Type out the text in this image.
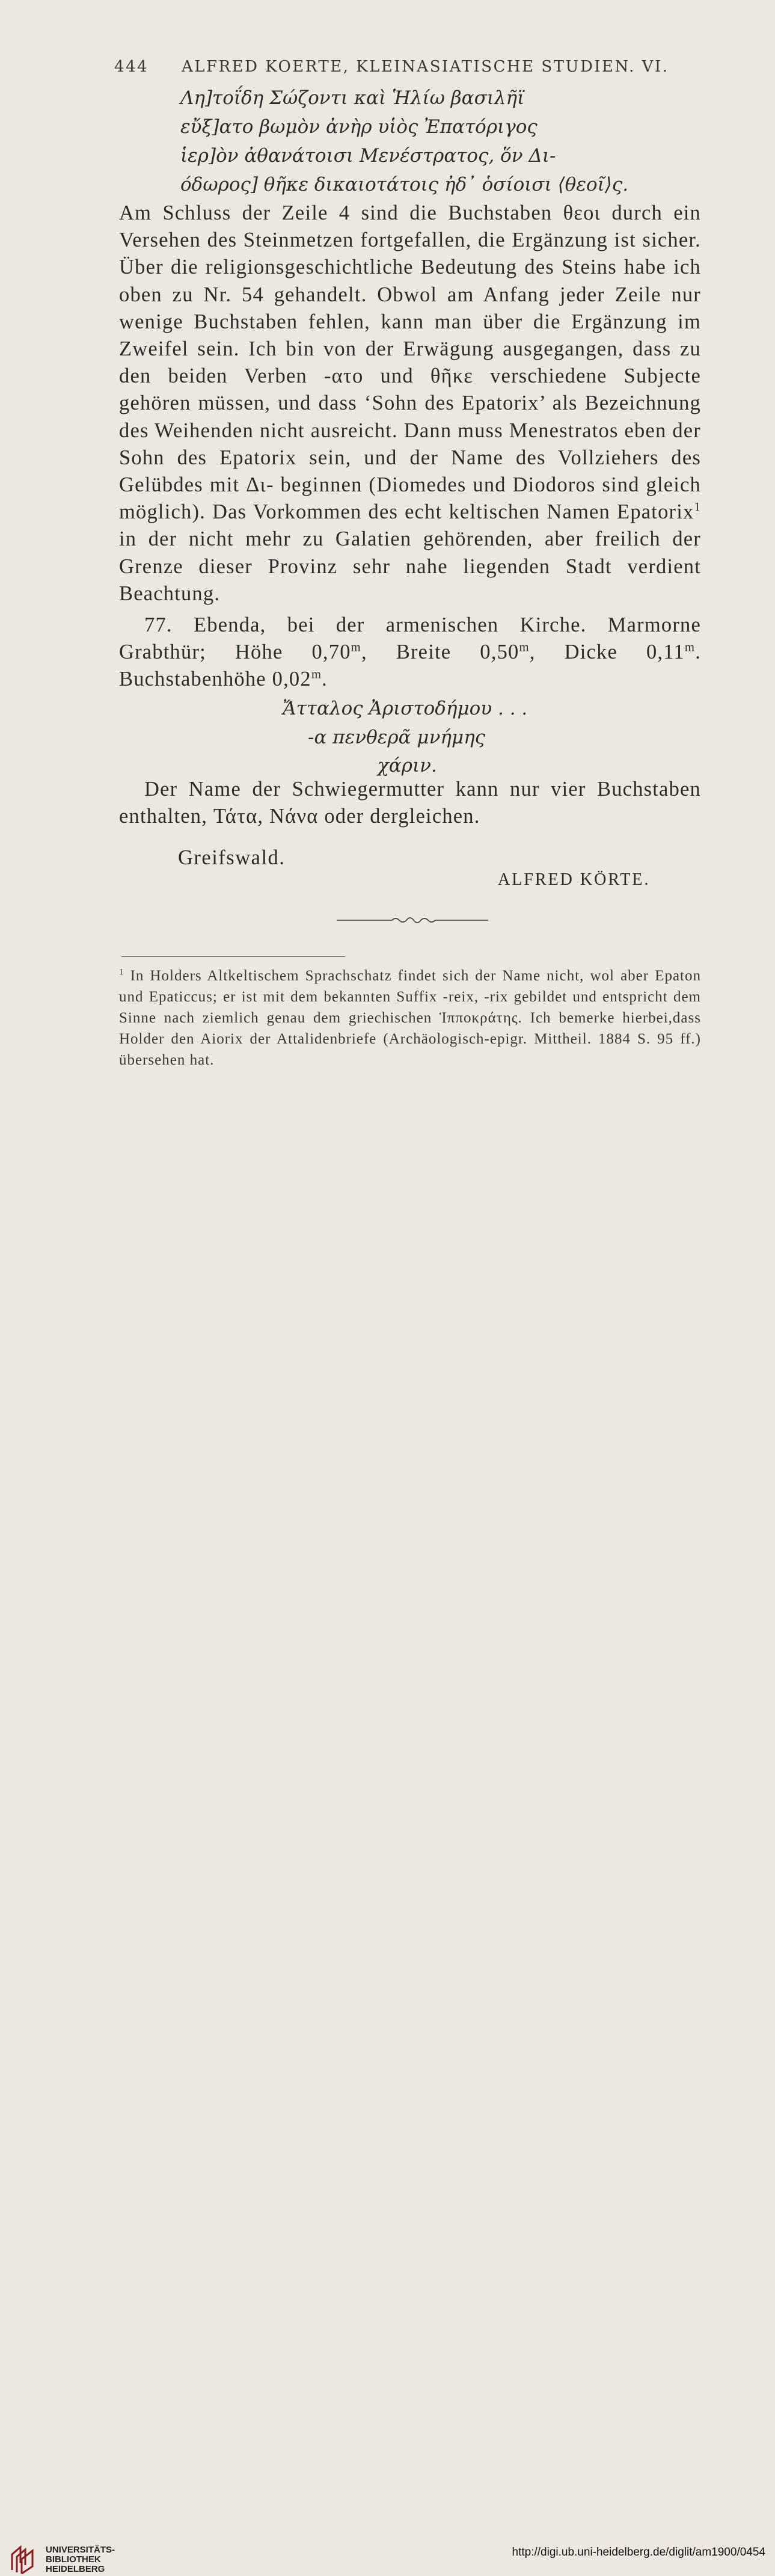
444 ALFRED KOERTE, KLEINASIATISCHE STUDIEN. VI.
Λη]τοΐδη Σώζοντι καὶ Ἡλίω βασιλῆϊ
εὔξ]ατο βωμὸν ἀνὴρ υἱὸς Ἐπατόριγος
ἱερ]ὸν ἀθανάτοισι Μενέστρατος, ὅν Δι-
όδωρος] θῆκε δικαιοτάτοις ἠδ᾽ ὁσίοισι ⟨θεοῖ⟩ς.

Am Schluss der Zeile 4 sind die Buchstaben θεοι durch ein Versehen des Steinmetzen fortgefallen, die Ergänzung ist sicher. Über die religionsgeschichtliche Bedeutung des Steins habe ich oben zu Nr. 54 gehandelt. Obwol am Anfang jeder Zeile nur wenige Buchstaben fehlen, kann man über die Ergänzung im Zweifel sein. Ich bin von der Erwägung ausgegangen, dass zu den beiden Verben -ατο und θῆκε verschiedene Subjecte gehören müssen, und dass ‘Sohn des Epatorix’ als Bezeichnung des Weihenden nicht ausreicht. Dann muss Menestratos eben der Sohn des Epatorix sein, und der Name des Vollziehers des Gelübdes mit Δι- beginnen (Diomedes und Diodoros sind gleich möglich). Das Vorkommen des echt keltischen Namen Epatorix$^1$ in der nicht mehr zu Galatien gehörenden, aber freilich der Grenze dieser Provinz sehr nahe liegenden Stadt verdient Beachtung.

77. Ebenda, bei der armenischen Kirche. Marmorne Grabthür; Höhe 0,70$^m$, Breite 0,50$^m$, Dicke 0,11$^m$. Buchstabenhöhe 0,02$^m$.

Ἄτταλος Ἀριστοδήμου . . .
-α πενθερᾶ μνήμης
χάριν.

Der Name der Schwiegermutter kann nur vier Buchstaben enthalten, Τάτα, Νάνα oder dergleichen.

Greifswald.
ALFRED KÖRTE.

$^1$ In Holders Altkeltischem Sprachschatz findet sich der Name nicht, wol aber Epaton und Epaticcus; er ist mit dem bekannten Suffix -reix, -rix gebildet und entspricht dem Sinne nach ziemlich genau dem griechischen Ἱπποκράτης. Ich bemerke hierbei,dass Holder den Aiorix der Attalidenbriefe (Archäologisch-epigr. Mittheil. 1884 S. 95 ff.) übersehen hat.

UNIVERSITÄTS-
BIBLIOTHEK
HEIDELBERG
http://digi.ub.uni-heidelberg.de/diglit/am1900/0454
